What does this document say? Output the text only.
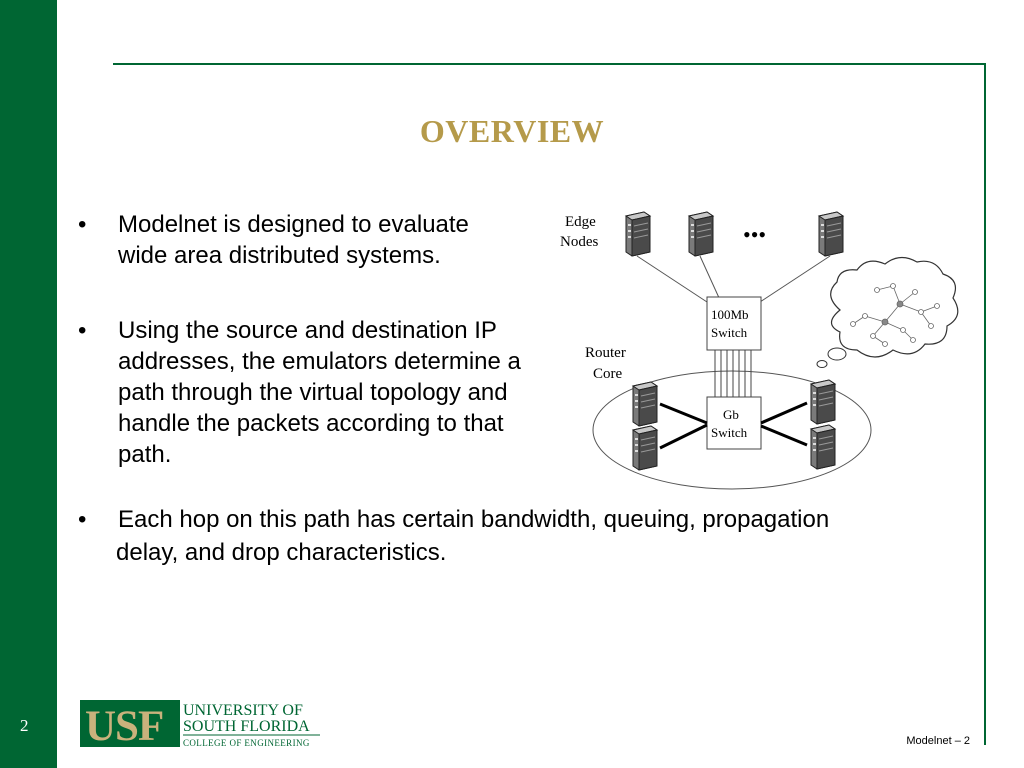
2
OVERVIEW
•	Modelnet is designed to evaluate
wide area distributed systems.
•	Using the source and destination IP addresses, the emulators determine a path through the virtual topology and handle the packets according to that path.
•	Each hop on this path has certain bandwidth, queuing, propagation
delay, and drop characteristics.
Edge
Nodes	•••
100Mb
Switch
Router
Core
Gb
Switch
USF UNIVERSITY OF
SOUTH FLORIDA
COLLEGE OF ENGINEERING	Modelnet – 2
